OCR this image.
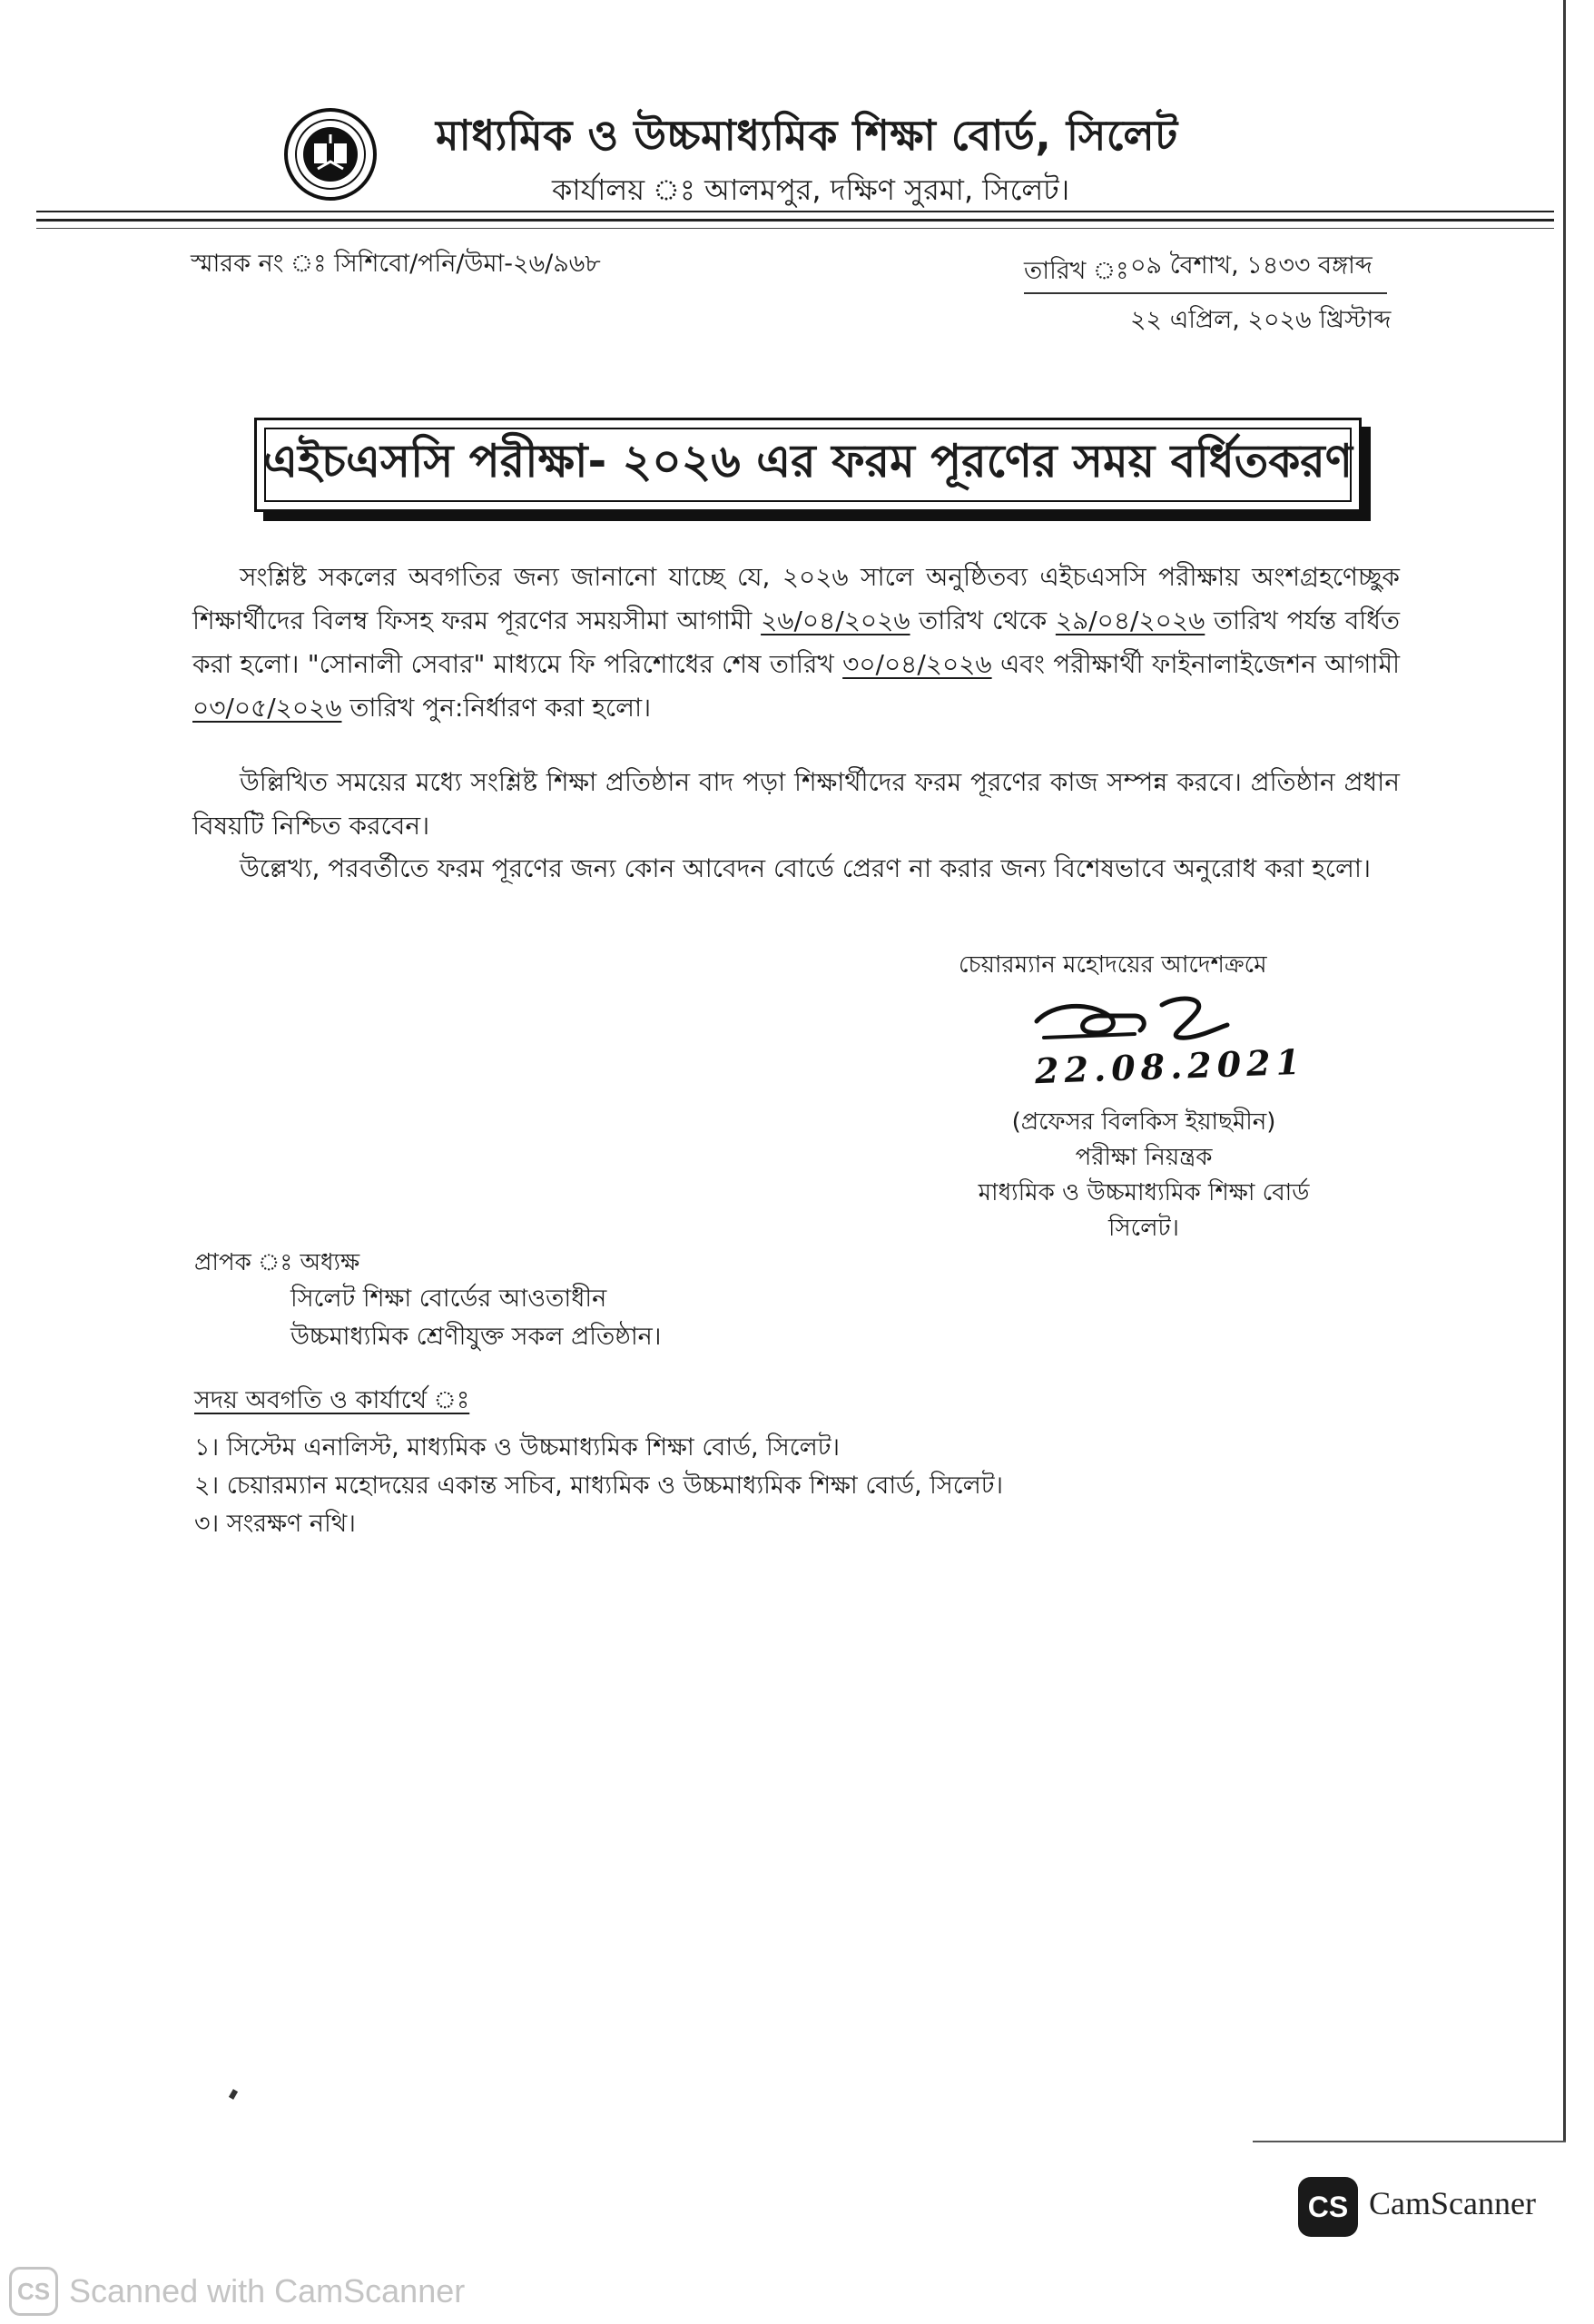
মাধ্যমিক ও উচ্চমাধ্যমিক শিক্ষা বোর্ড, সিলেট
কার্যালয় ঃ আলমপুর, দক্ষিণ সুরমা, সিলেট।
স্মারক নং ঃ সিশিবো/পনি/উমা-২৬/৯৬৮	তারিখ ঃ ০৯ বৈশাখ, ১৪৩৩ বঙ্গাব্দ
২২ এপ্রিল, ২০২৬ খ্রিস্টাব্দ
এইচএসসি পরীক্ষা- ২০২৬ এর ফরম পূরণের সময় বর্ধিতকরণ
সংশ্লিষ্ট সকলের অবগতির জন্য জানানো যাচ্ছে যে, ২০২৬ সালে অনুষ্ঠিতব্য এইচএসসি পরীক্ষায় অংশগ্রহণেচ্ছুক শিক্ষার্থীদের বিলম্ব ফিসহ ফরম পূরণের সময়সীমা আগামী ২৬/০৪/২০২৬ তারিখ থেকে ২৯/০৪/২০২৬ তারিখ পর্যন্ত বর্ধিত করা হলো। "সোনালী সেবার" মাধ্যমে ফি পরিশোধের শেষ তারিখ ৩০/০৪/২০২৬ এবং পরীক্ষার্থী ফাইনালাইজেশন আগামী ০৩/০৫/২০২৬ তারিখ পুন:নির্ধারণ করা হলো।
উল্লিখিত সময়ের মধ্যে সংশ্লিষ্ট শিক্ষা প্রতিষ্ঠান বাদ পড়া শিক্ষার্থীদের ফরম পূরণের কাজ সম্পন্ন করবে। প্রতিষ্ঠান প্রধান বিষয়টি নিশ্চিত করবেন।
উল্লেখ্য, পরবর্তীতে ফরম পূরণের জন্য কোন আবেদন বোর্ডে প্রেরণ না করার জন্য বিশেষভাবে অনুরোধ করা হলো।
চেয়ারম্যান মহোদয়ের আদেশক্রমে
22.08.2021
(প্রফেসর বিলকিস ইয়াছমীন)
পরীক্ষা নিয়ন্ত্রক
মাধ্যমিক ও উচ্চমাধ্যমিক শিক্ষা বোর্ড
সিলেট।
প্রাপক ঃ অধ্যক্ষ
সিলেট শিক্ষা বোর্ডের আওতাধীন
উচ্চমাধ্যমিক শ্রেণীযুক্ত সকল প্রতিষ্ঠান।
সদয় অবগতি ও কার্যার্থে ঃ
১। সিস্টেম এনালিস্ট, মাধ্যমিক ও উচ্চমাধ্যমিক শিক্ষা বোর্ড, সিলেট।
২। চেয়ারম্যান মহোদয়ের একান্ত সচিব, মাধ্যমিক ও উচ্চমাধ্যমিক শিক্ষা বোর্ড, সিলেট।
৩। সংরক্ষণ নথি।
CS CamScanner
CS Scanned with CamScanner
